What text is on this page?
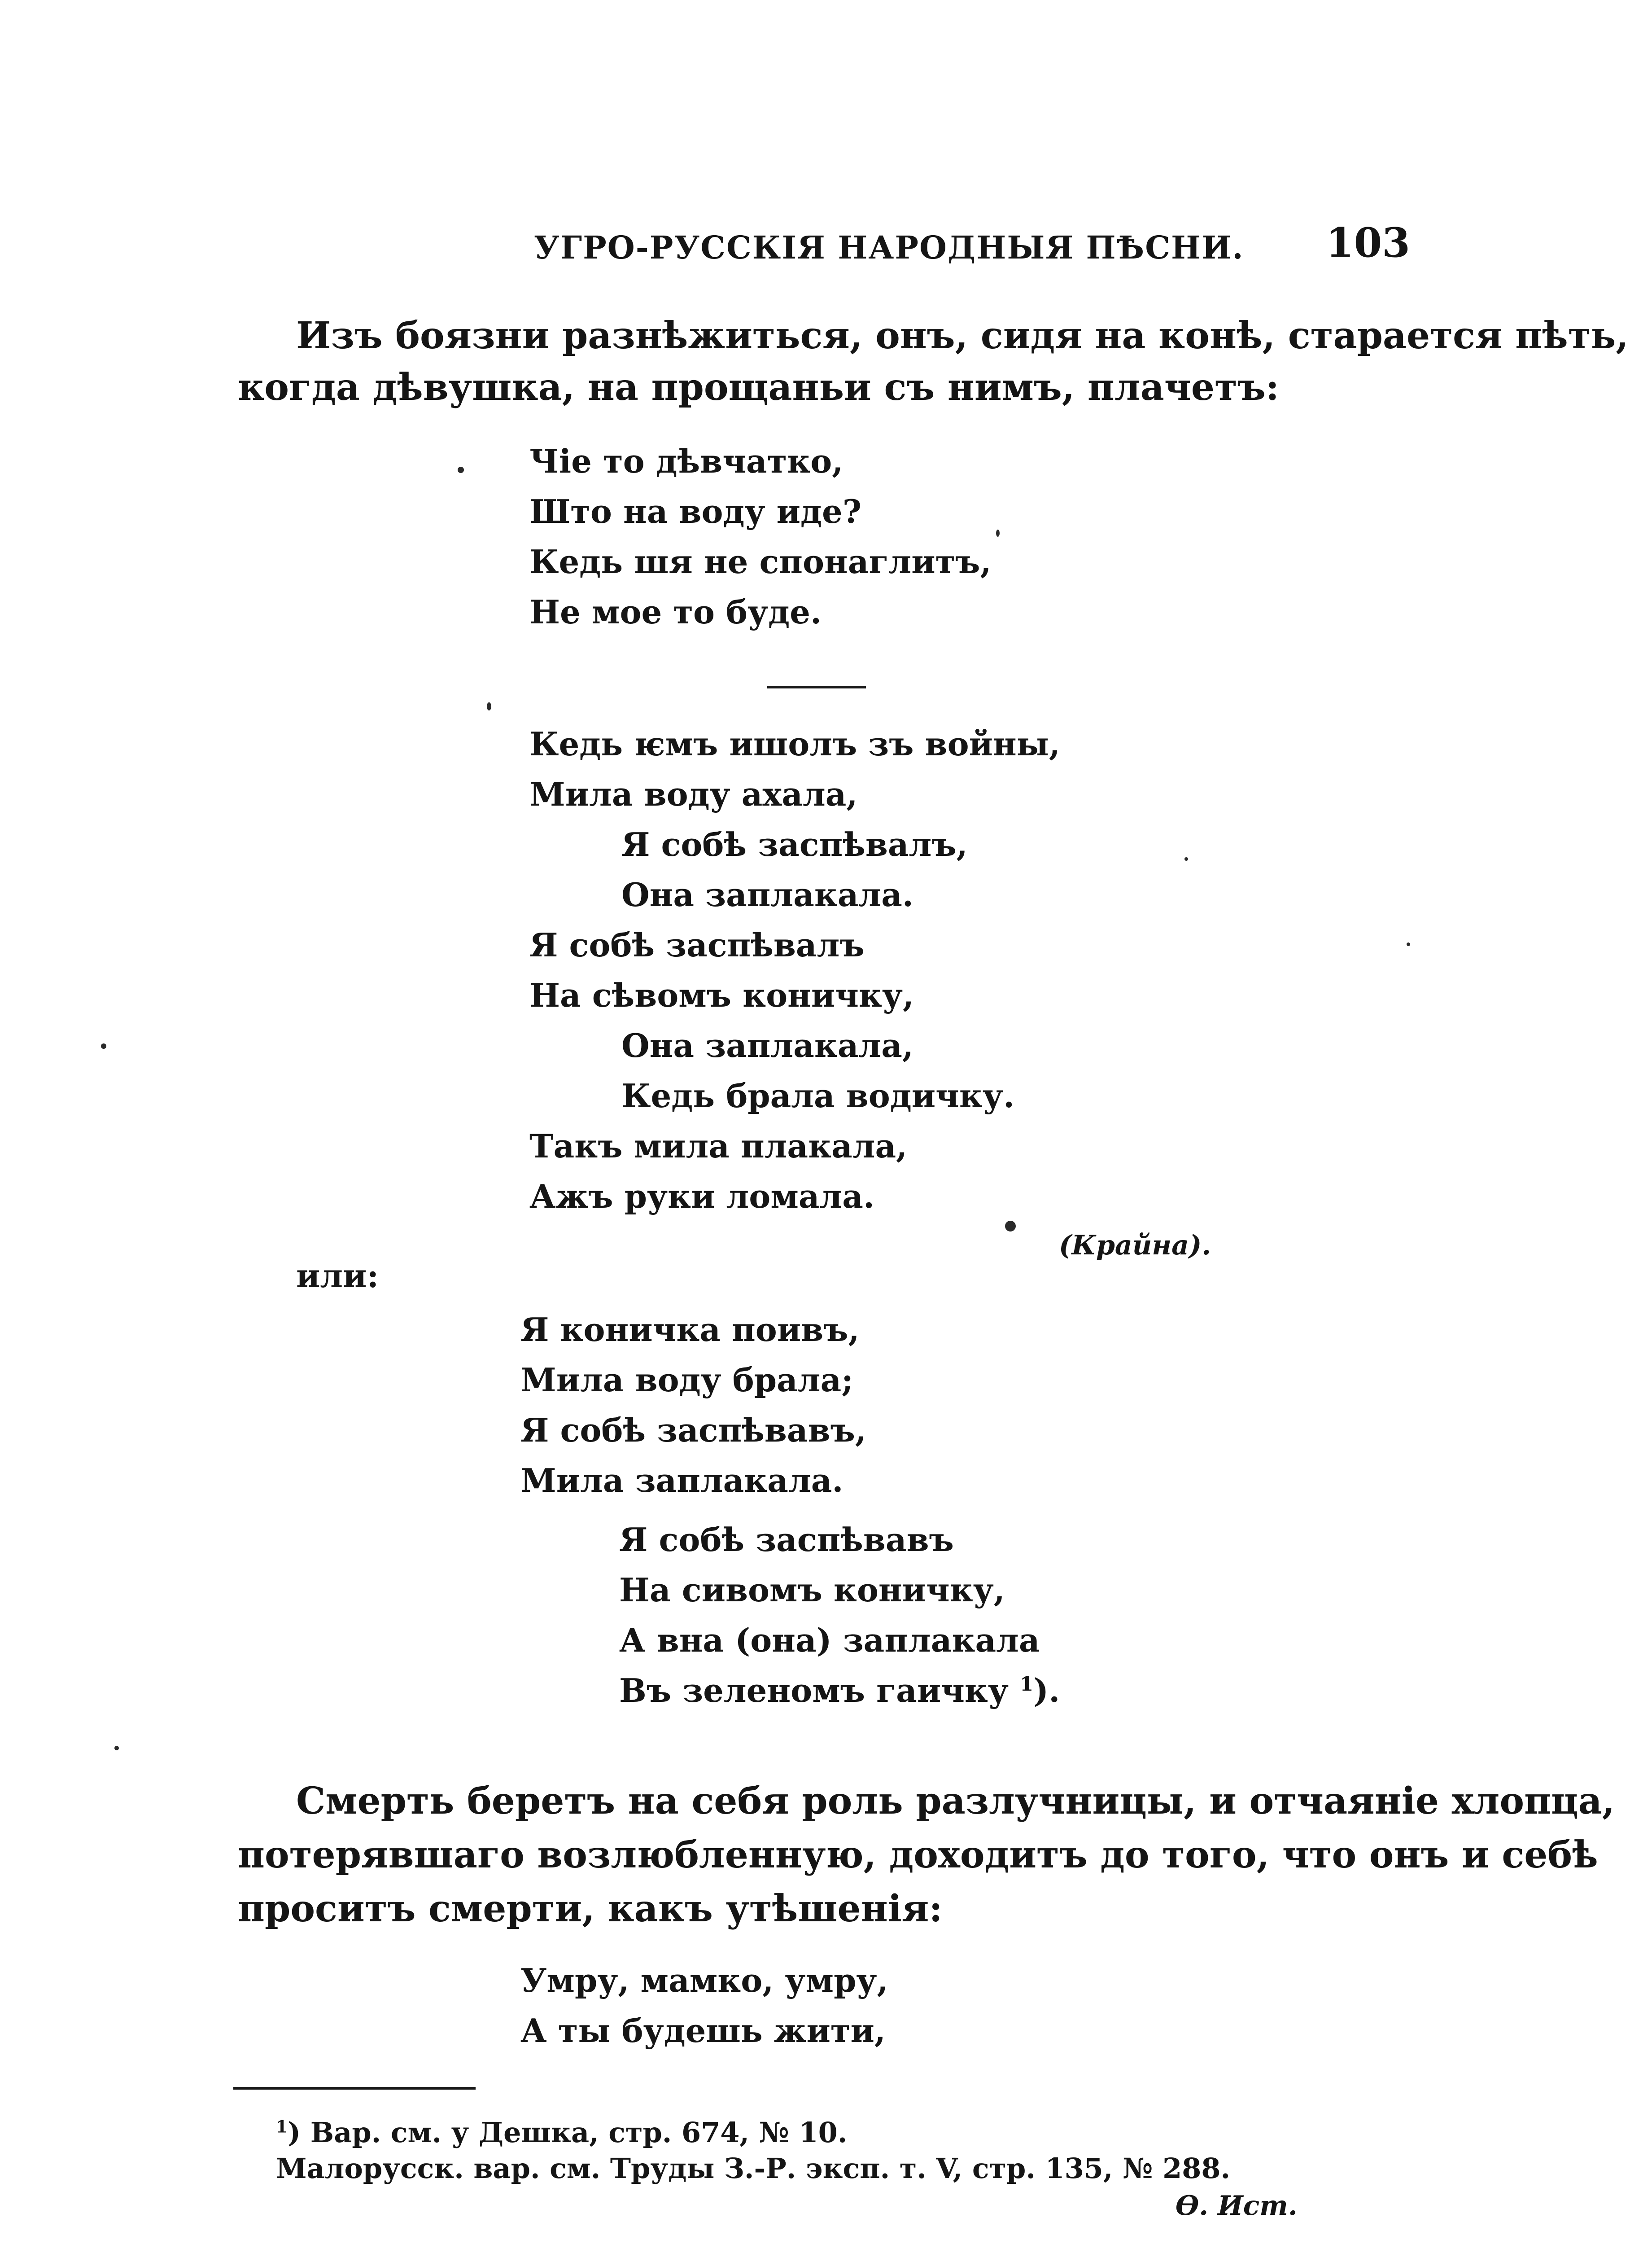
УГРО-РУССКІЯ НАРОДНЫЯ ПѢСНИ. 103
Изъ боязни разнѣжиться, онъ, сидя на конѣ, старается пѣть,
когда дѣвушка, на прощаньи съ нимъ, плачетъ:
Чіе то дѣвчатко,
Што на воду иде?
Кедь шя не спонаглитъ,
Не мое то буде.
Кедь ѥмъ ишолъ зъ войны,
Мила воду ахала,
Я собѣ заспѣвалъ,
Она заплакала.
Я собѣ заспѣвалъ
На сѣвомъ коничку,
Она заплакала,
Кедь брала водичку.
Такъ мила плакала,
Ажъ руки ломала.
(Крайна).
или:
Я коничка поивъ,
Мила воду брала;
Я собѣ заспѣвавъ,
Мила заплакала.
Я собѣ заспѣвавъ
На сивомъ коничку,
А вна (она) заплакала
Въ зеленомъ гаичку $^1$).
Смерть беретъ на себя роль разлучницы, и отчаяніе хлопца,
потерявшаго возлюбленную, доходитъ до того, что онъ и себѣ
проситъ смерти, какъ утѣшенія:
Умру, мамко, умру,
А ты будешь жити,
$^1$) Вар. см. у Дешка, стр. 674, № 10.
Малорусск. вар. см. Труды З.-Р. эксп. т. V, стр. 135, № 288.
Ѳ. Ист.
